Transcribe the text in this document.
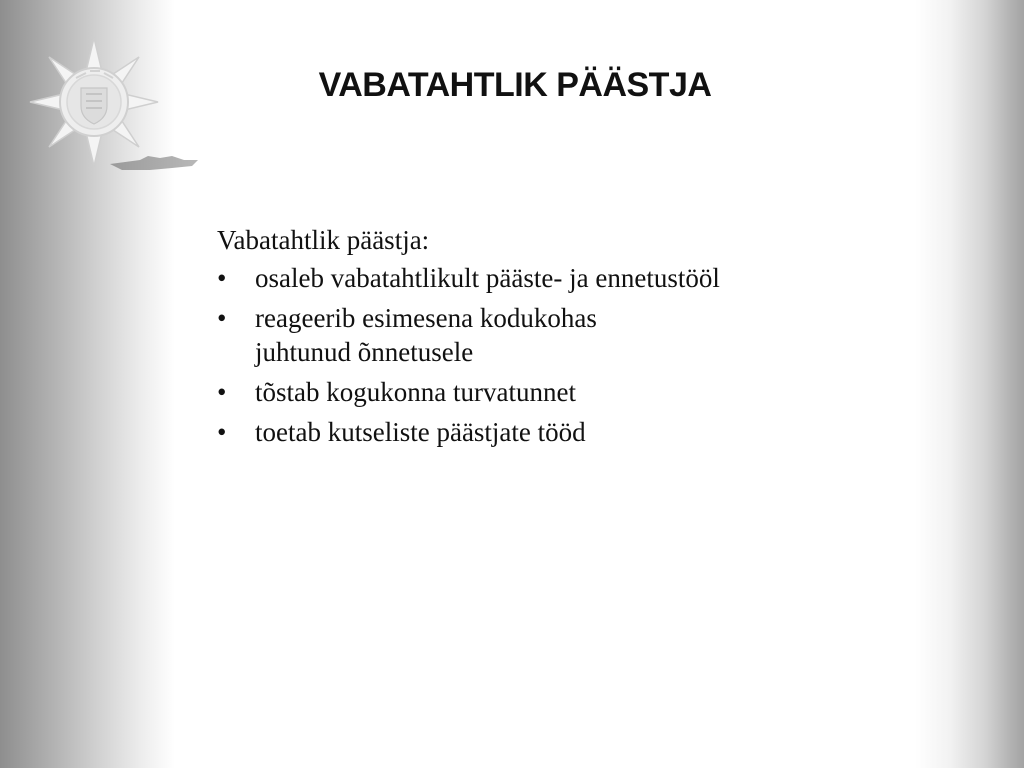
VABATAHTLIK PÄÄSTJA

Vabatahtlik päästja:

• osaleb vabatahtlikult pääste- ja ennetustööl
• reageerib esimesena kodukohas
juhtunud õnnetusele
• tõstab kogukonna turvatunnet
• toetab kutseliste päästjate tööd
